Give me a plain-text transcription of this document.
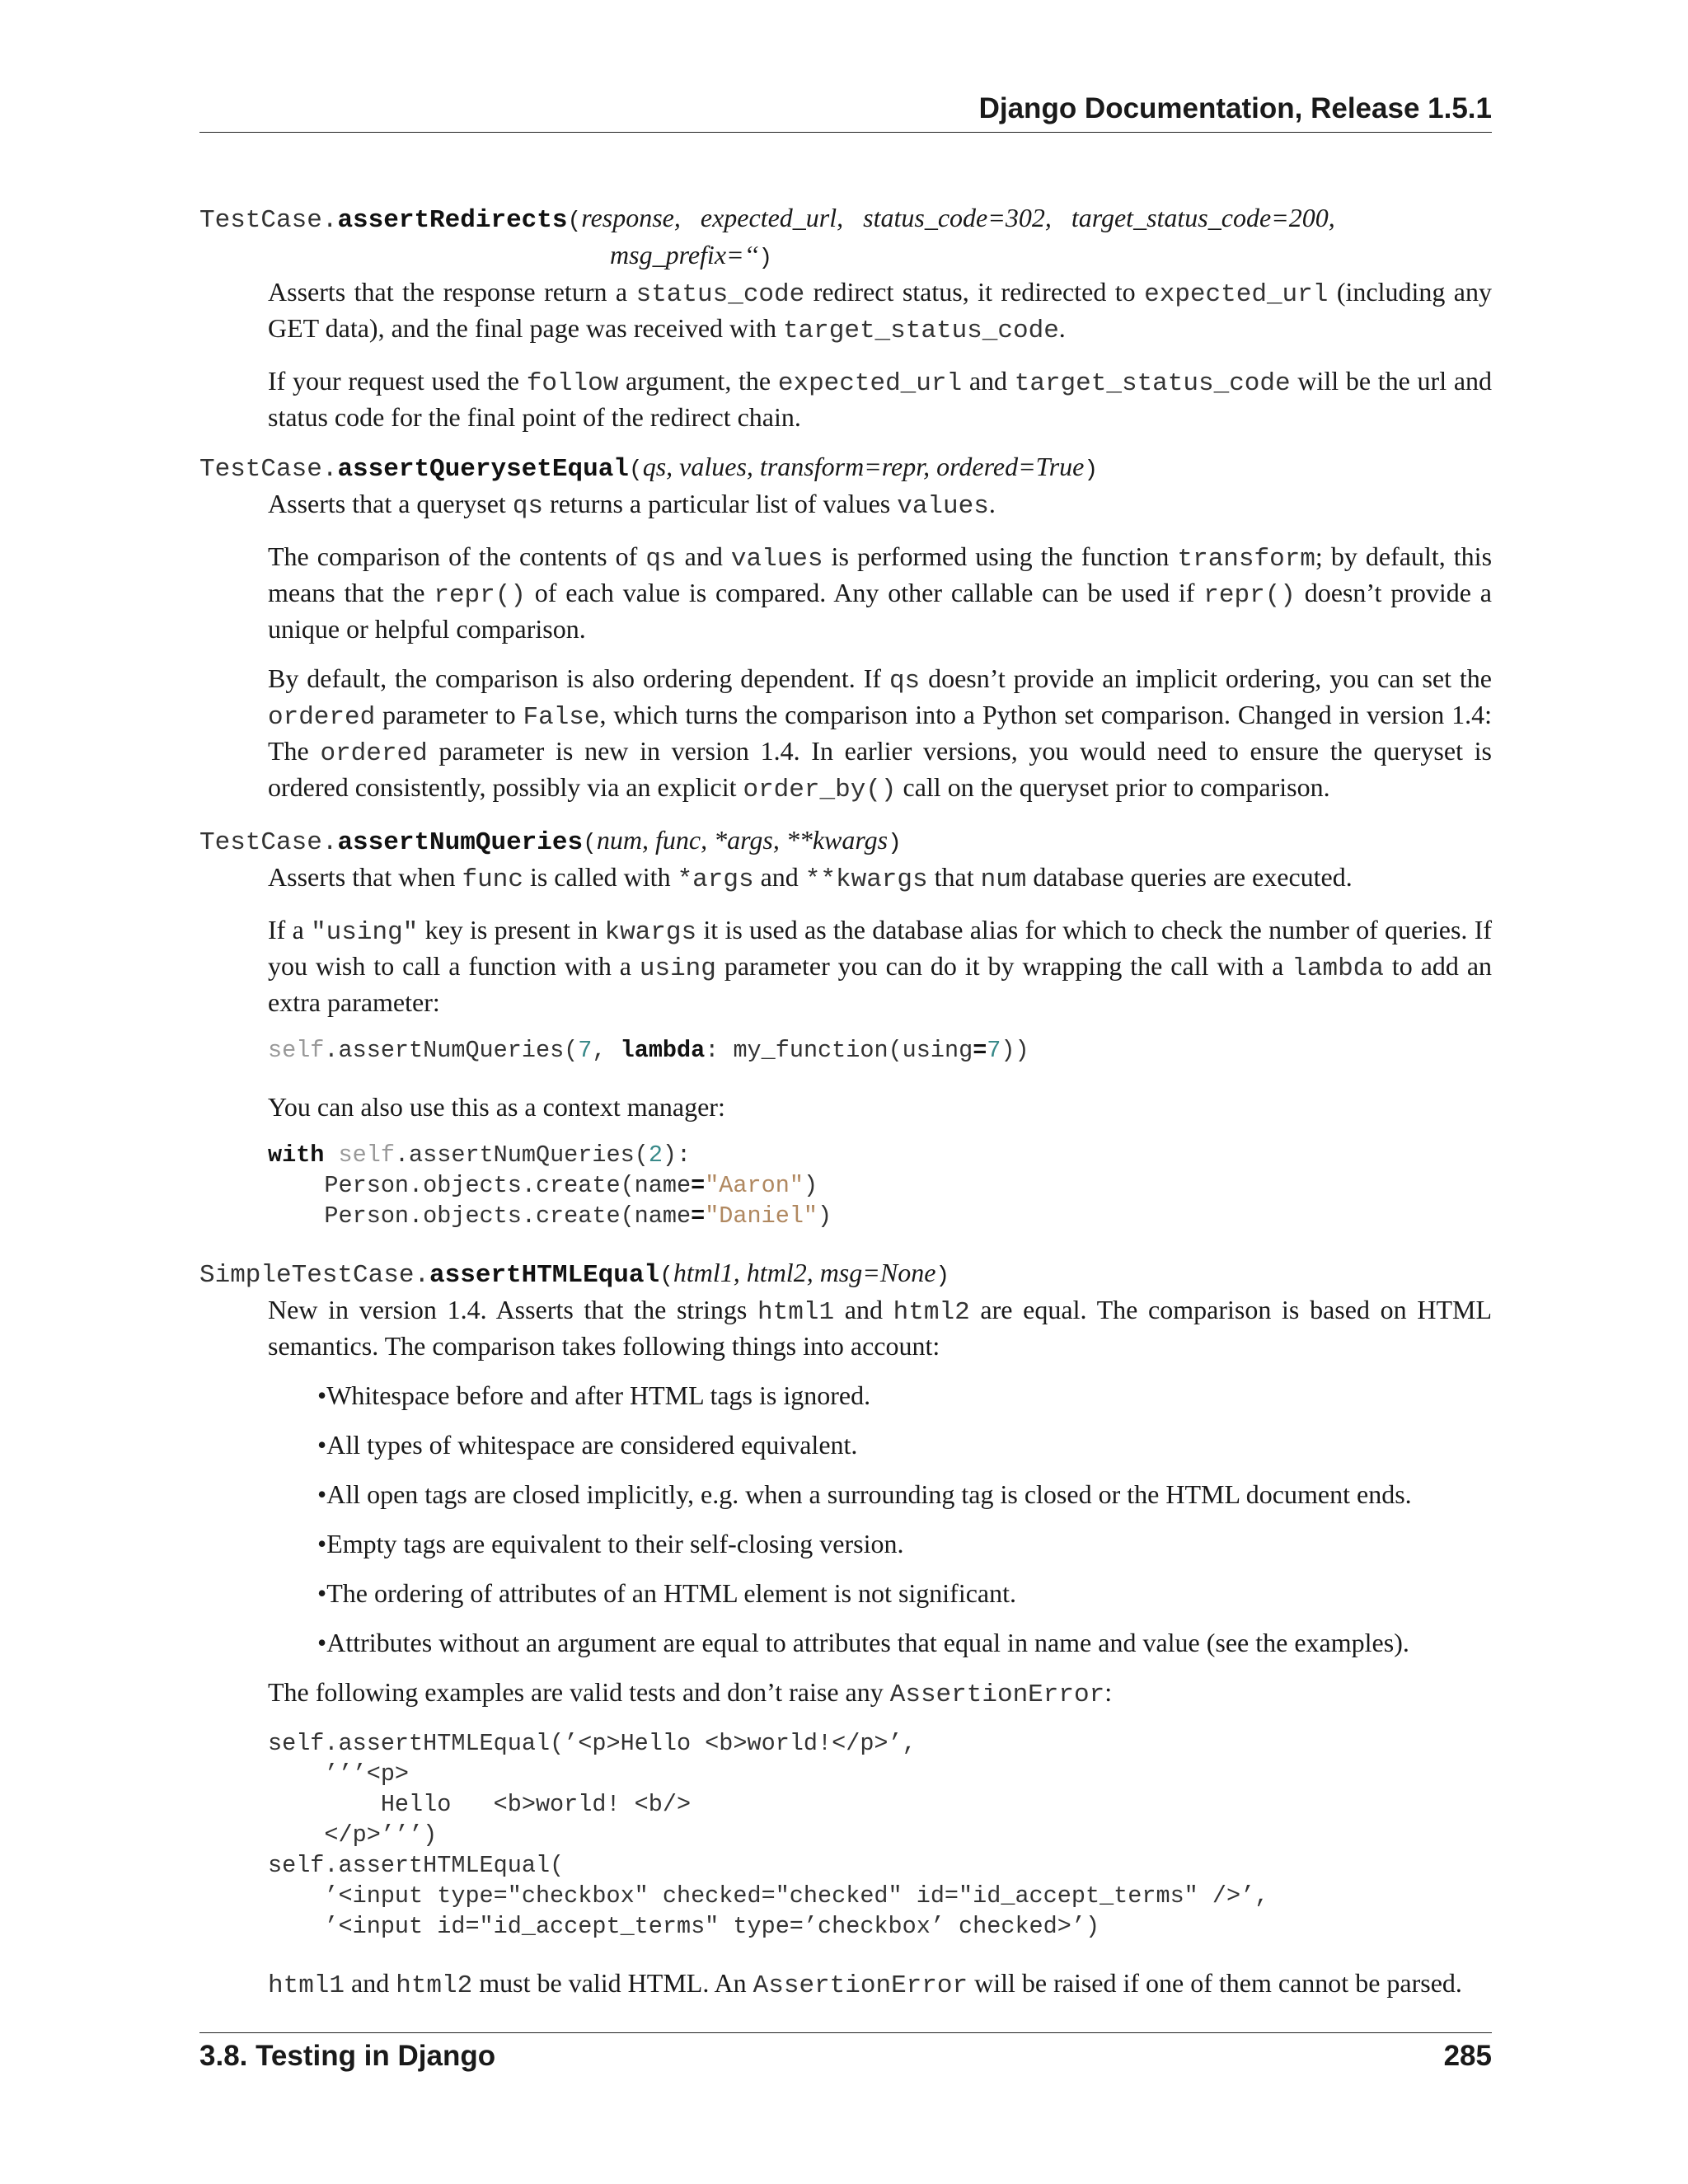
Django Documentation, Release 1.5.1
TestCase.assertRedirects(response,   expected_url,   status_code=302,   target_status_code=200,
msg_prefix=‘‘)

Asserts that the response return a status_code redirect status, it redirected to expected_url (including any GET data), and the final page was received with target_status_code.

If your request used the follow argument, the expected_url and target_status_code will be the url and status code for the final point of the redirect chain.

TestCase.assertQuerysetEqual(qs, values, transform=repr, ordered=True)

Asserts that a queryset qs returns a particular list of values values.

The comparison of the contents of qs and values is performed using the function transform; by default, this means that the repr() of each value is compared. Any other callable can be used if repr() doesn’t provide a unique or helpful comparison.

By default, the comparison is also ordering dependent. If qs doesn’t provide an implicit ordering, you can set the ordered parameter to False, which turns the comparison into a Python set comparison. Changed in version 1.4: The ordered parameter is new in version 1.4. In earlier versions, you would need to ensure the queryset is ordered consistently, possibly via an explicit order_by() call on the queryset prior to comparison.

TestCase.assertNumQueries(num, func, *args, **kwargs)

Asserts that when func is called with *args and **kwargs that num database queries are executed.

If a "using" key is present in kwargs it is used as the database alias for which to check the number of queries. If you wish to call a function with a using parameter you can do it by wrapping the call with a lambda to add an extra parameter:

self.assertNumQueries(7, lambda: my_function(using=7))

You can also use this as a context manager:

with self.assertNumQueries(2):
Person.objects.create(name="Aaron")
Person.objects.create(name="Daniel")
SimpleTestCase.assertHTMLEqual(html1, html2, msg=None)

New in version 1.4. Asserts that the strings html1 and html2 are equal. The comparison is based on HTML semantics. The comparison takes following things into account:

•Whitespace before and after HTML tags is ignored.
•All types of whitespace are considered equivalent.
•All open tags are closed implicitly, e.g. when a surrounding tag is closed or the HTML document ends.
•Empty tags are equivalent to their self-closing version.
•The ordering of attributes of an HTML element is not significant.
•Attributes without an argument are equal to attributes that equal in name and value (see the examples).

The following examples are valid tests and don’t raise any AssertionError:

self.assertHTMLEqual(’<p>Hello <b>world!</p>’,
’’’<p>
Hello   <b>world! <b/>
</p>’’’)
self.assertHTMLEqual(
’<input type="checkbox" checked="checked" id="id_accept_terms" />’,
’<input id="id_accept_terms" type=’checkbox’ checked>’)

html1 and html2 must be valid HTML. An AssertionError will be raised if one of them cannot be parsed.

3.8. Testing in Django	285
